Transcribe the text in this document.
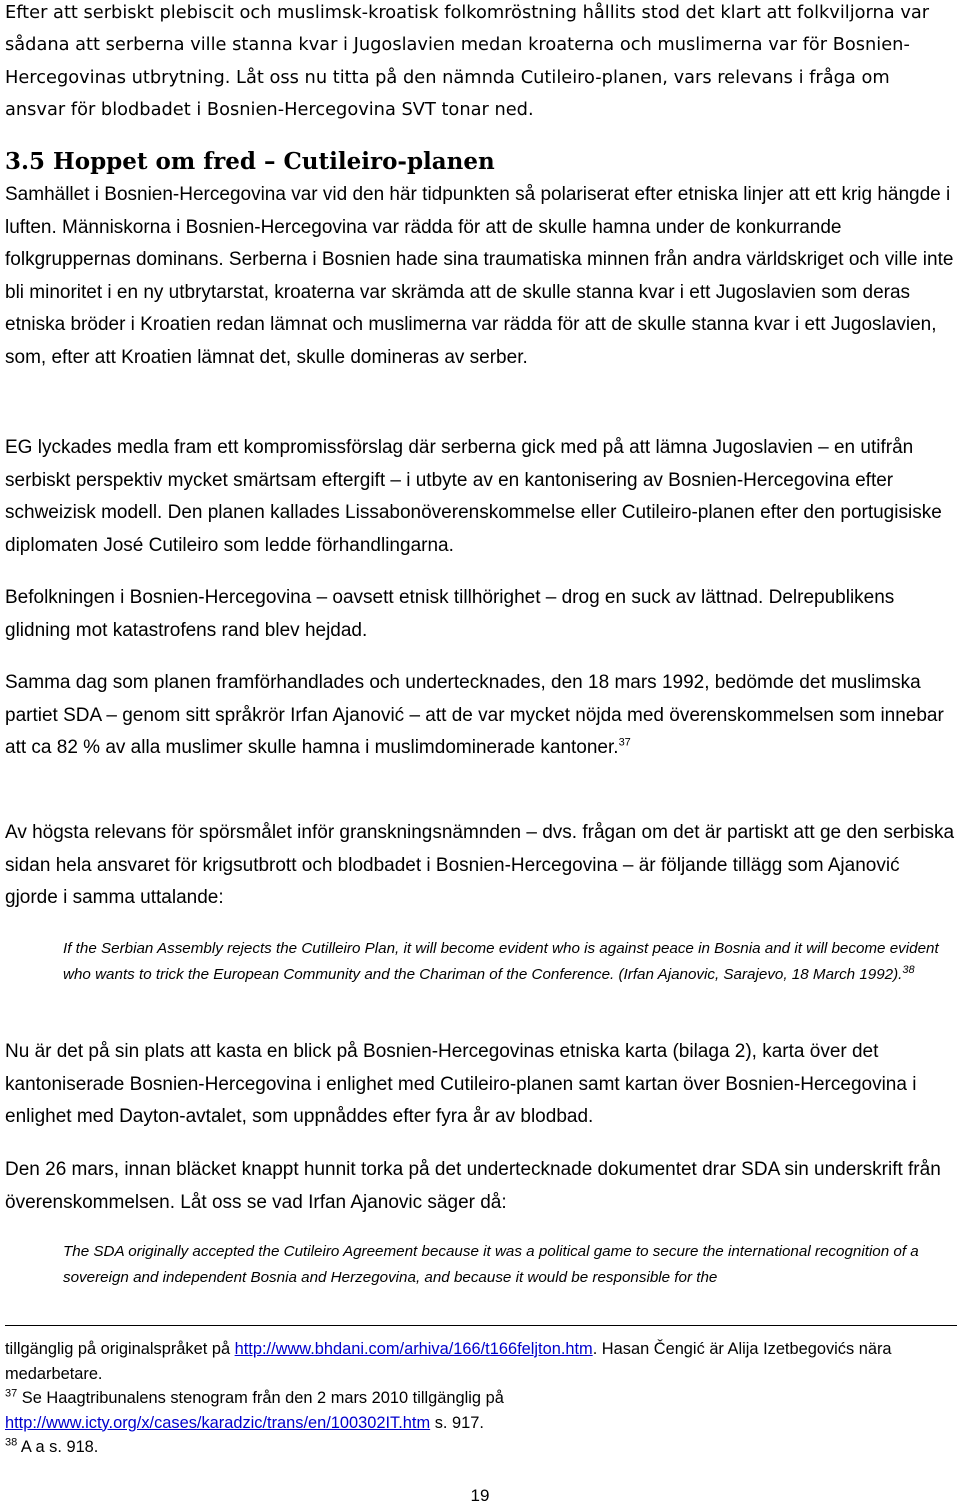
Efter att serbiskt plebiscit och muslimsk-kroatisk folkomröstning hållits stod det klart att folkviljorna var sådana att serberna ville stanna kvar i Jugoslavien medan kroaterna och muslimerna var för Bosnien-Hercegovinas utbrytning. Låt oss nu titta på den nämnda Cutileiro-planen, vars relevans i fråga om ansvar för blodbadet i Bosnien-Hercegovina SVT tonar ned.

3.5 Hoppet om fred – Cutileiro-planen

Samhället i Bosnien-Hercegovina var vid den här tidpunkten så polariserat efter etniska linjer att ett krig hängde i luften. Människorna i Bosnien-Hercegovina var rädda för att de skulle hamna under de konkurrande folkgruppernas dominans. Serberna i Bosnien hade sina traumatiska minnen från andra världskriget och ville inte bli minoritet i en ny utbrytarstat, kroaterna var skrämda att de skulle stanna kvar i ett Jugoslavien som deras etniska bröder i Kroatien redan lämnat och muslimerna var rädda för att de skulle stanna kvar i ett Jugoslavien, som, efter att Kroatien lämnat det, skulle domineras av serber.

EG lyckades medla fram ett kompromissförslag där serberna gick med på att lämna Jugoslavien – en utifrån serbiskt perspektiv mycket smärtsam eftergift – i utbyte av en kantonisering av Bosnien-Hercegovina efter schweizisk modell. Den planen kallades Lissabonöverenskommelse eller Cutileiro-planen efter den portugisiske diplomaten José Cutileiro som ledde förhandlingarna.

Befolkningen i Bosnien-Hercegovina – oavsett etnisk tillhörighet – drog en suck av lättnad. Delrepublikens glidning mot katastrofens rand blev hejdad.

Samma dag som planen framförhandlades och undertecknades, den 18 mars 1992, bedömde det muslimska partiet SDA – genom sitt språkrör Irfan Ajanović – att de var mycket nöjda med överenskommelsen som innebar att ca 82 % av alla muslimer skulle hamna i muslimdominerade kantoner.$^{37}$

Av högsta relevans för spörsmålet inför granskningsnämnden – dvs. frågan om det är partiskt att ge den serbiska sidan hela ansvaret för krigsutbrott och blodbadet i Bosnien-Hercegovina – är följande tillägg som Ajanović gjorde i samma uttalande:

If the Serbian Assembly rejects the Cutilleiro Plan, it will become evident who is against peace in Bosnia and it will become evident who wants to trick the European Community and the Chariman of the Conference. (Irfan Ajanovic, Sarajevo, 18 March 1992).$^{38}$

Nu är det på sin plats att kasta en blick på Bosnien-Hercegovinas etniska karta (bilaga 2), karta över det kantoniserade Bosnien-Hercegovina i enlighet med Cutileiro-planen samt kartan över Bosnien-Hercegovina i enlighet med Dayton-avtalet, som uppnåddes efter fyra år av blodbad.

Den 26 mars, innan bläcket knappt hunnit torka på det undertecknade dokumentet drar SDA sin underskrift från överenskommelsen. Låt oss se vad Irfan Ajanovic säger då:

The SDA originally accepted the Cutileiro Agreement because it was a political game to secure the international recognition of a sovereign and independent Bosnia and Herzegovina, and because it would be responsible for the

tillgänglig på originalspråket på http://www.bhdani.com/arhiva/166/t166feljton.htm. Hasan Čengić är Alija Izetbegovićs nära medarbetare.
$^{37}$ Se Haagtribunalens stenogram från den 2 mars 2010 tillgänglig på
http://www.icty.org/x/cases/karadzic/trans/en/100302IT.htm s. 917.
$^{38}$ A a s. 918.
19
